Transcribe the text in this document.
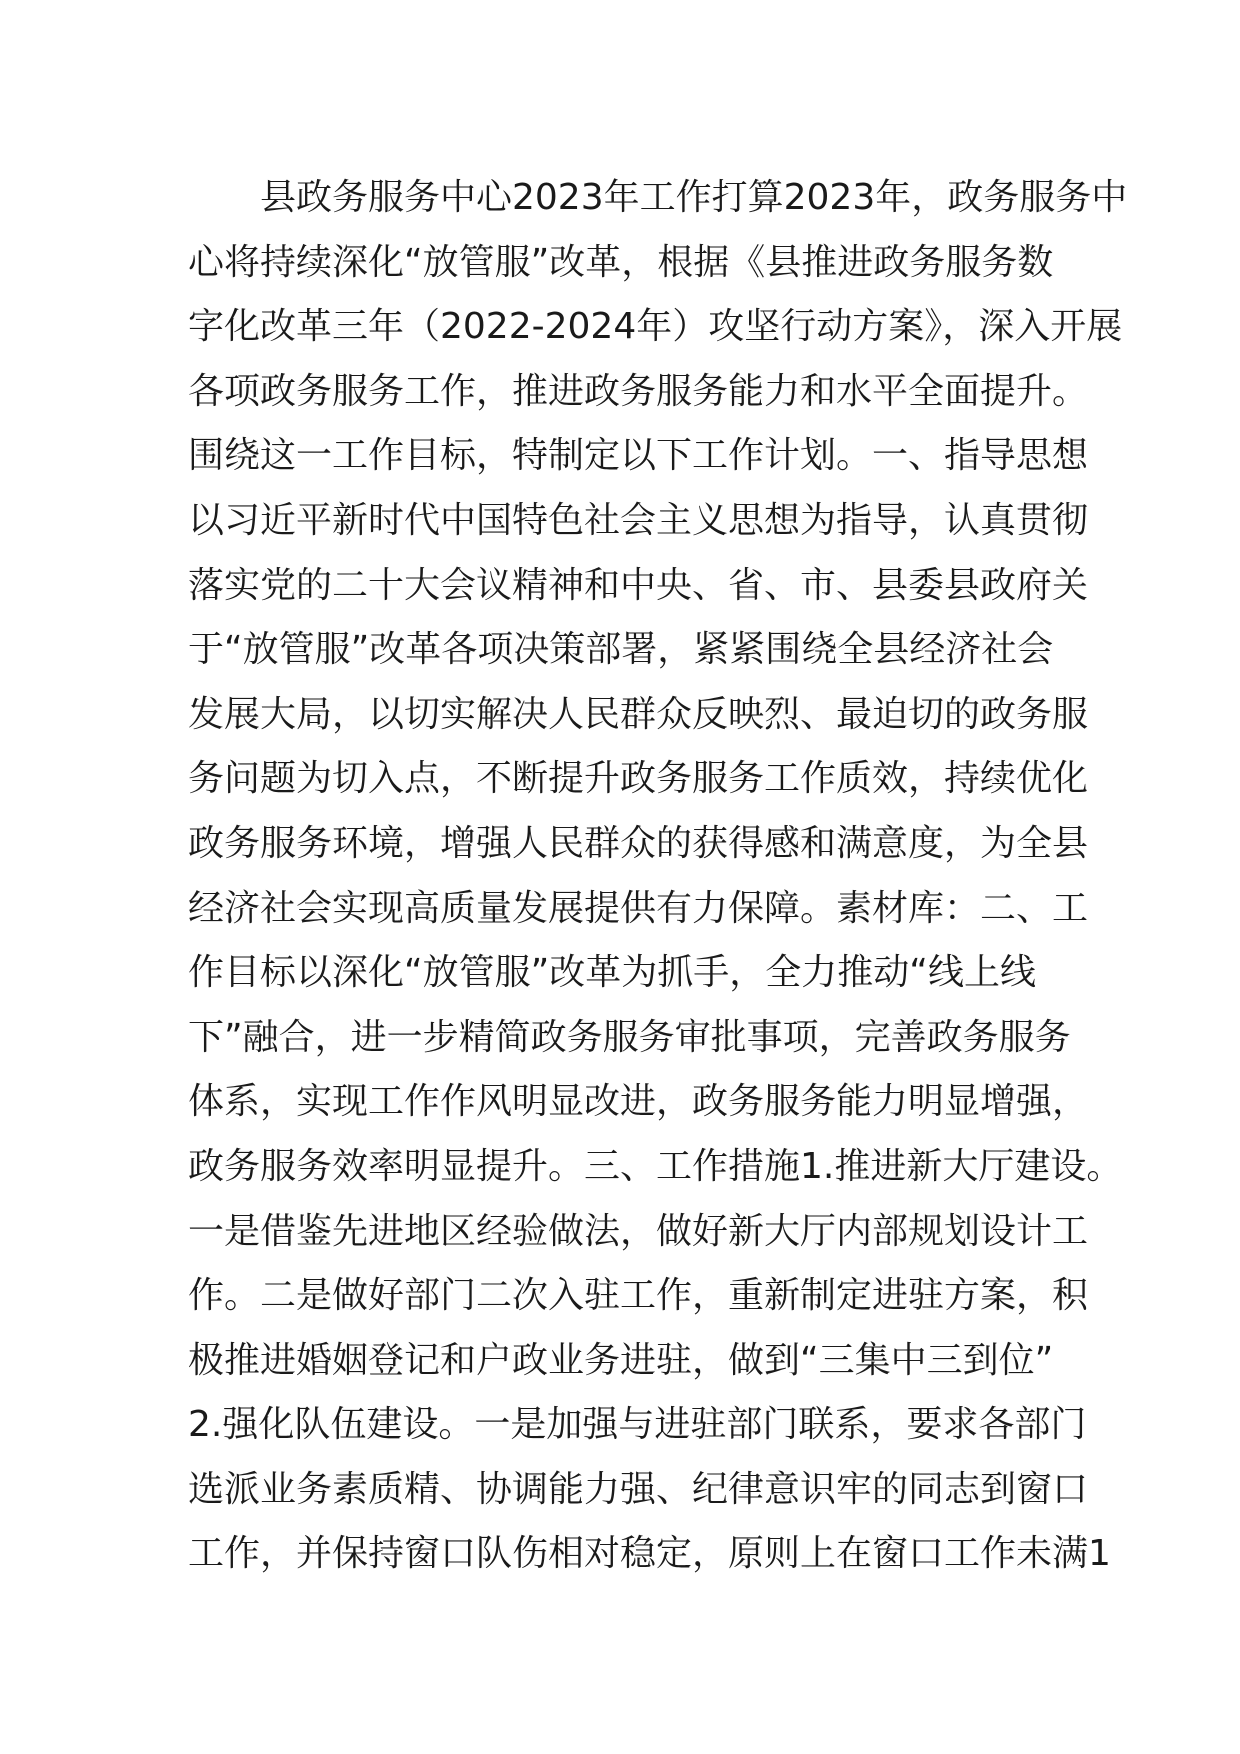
　　县政务服务中心2023年工作打算2023年，政务服务中
心将持续深化“放管服”改革，根据《县推进政务服务数
字化改革三年（2022-2024年）攻坚行动方案》，深入开展
各项政务服务工作，推进政务服务能力和水平全面提升。
围绕这一工作目标，特制定以下工作计划。一、指导思想
以习近平新时代中国特色社会主义思想为指导，认真贯彻
落实党的二十大会议精神和中央、省、市、县委县政府关
于“放管服”改革各项决策部署，紧紧围绕全县经济社会
发展大局，以切实解决人民群众反映烈、最迫切的政务服
务问题为切入点，不断提升政务服务工作质效，持续优化
政务服务环境，增强人民群众的获得感和满意度，为全县
经济社会实现高质量发展提供有力保障。素材库：二、工
作目标以深化“放管服”改革为抓手，全力推动“线上线
下”融合，进一步精简政务服务审批事项，完善政务服务
体系，实现工作作风明显改进，政务服务能力明显增强，
政务服务效率明显提升。三、工作措施1.推进新大厅建设。
一是借鉴先进地区经验做法，做好新大厅内部规划设计工
作。二是做好部门二次入驻工作，重新制定进驻方案，积
极推进婚姻登记和户政业务进驻，做到“三集中三到位”
2.强化队伍建设。一是加强与进驻部门联系，要求各部门
选派业务素质精、协调能力强、纪律意识牢的同志到窗口
工作，并保持窗口队伤相对稳定，原则上在窗口工作未满1
